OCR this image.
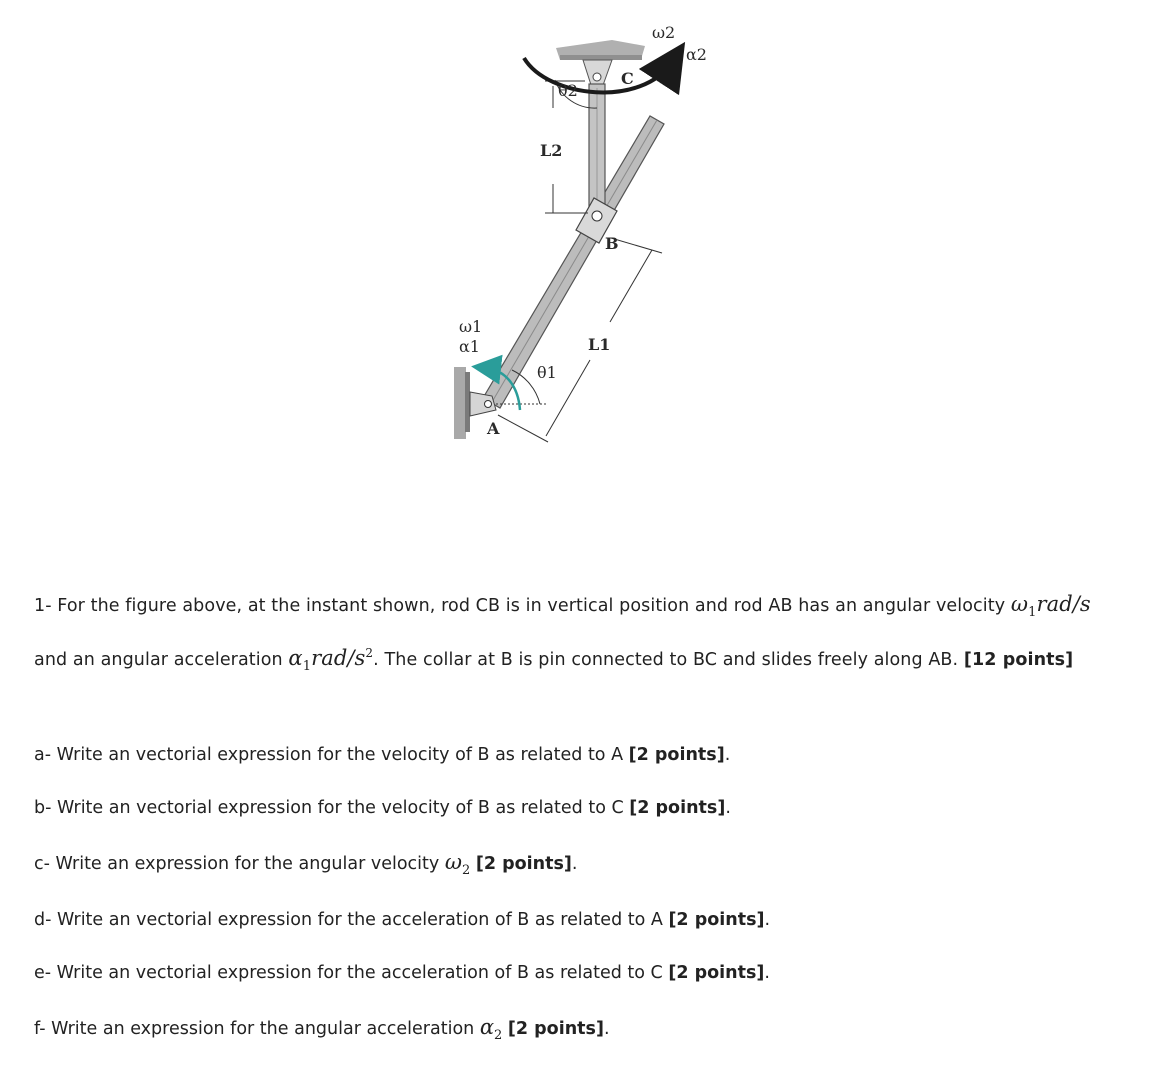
ω2
α2
θ2
C
L2
B
ω1
α1	L1
θ1
A
1- For the figure above, at the instant shown, rod CB is in vertical position and rod AB has an angular velocity $\omega_1rad/s$
and an angular acceleration $\alpha_1rad/s^2$. The collar at B is pin connected to BC and slides freely along AB. [12 points]
a- Write an vectorial expression for the velocity of B as related to A [2 points].
b- Write an vectorial expression for the velocity of B as related to C [2 points].
c- Write an expression for the angular velocity $\omega_2$ [2 points].
d- Write an vectorial expression for the acceleration of B as related to A [2 points].
e- Write an vectorial expression for the acceleration of B as related to C [2 points].
f- Write an expression for the angular acceleration $\alpha_2$ [2 points].
